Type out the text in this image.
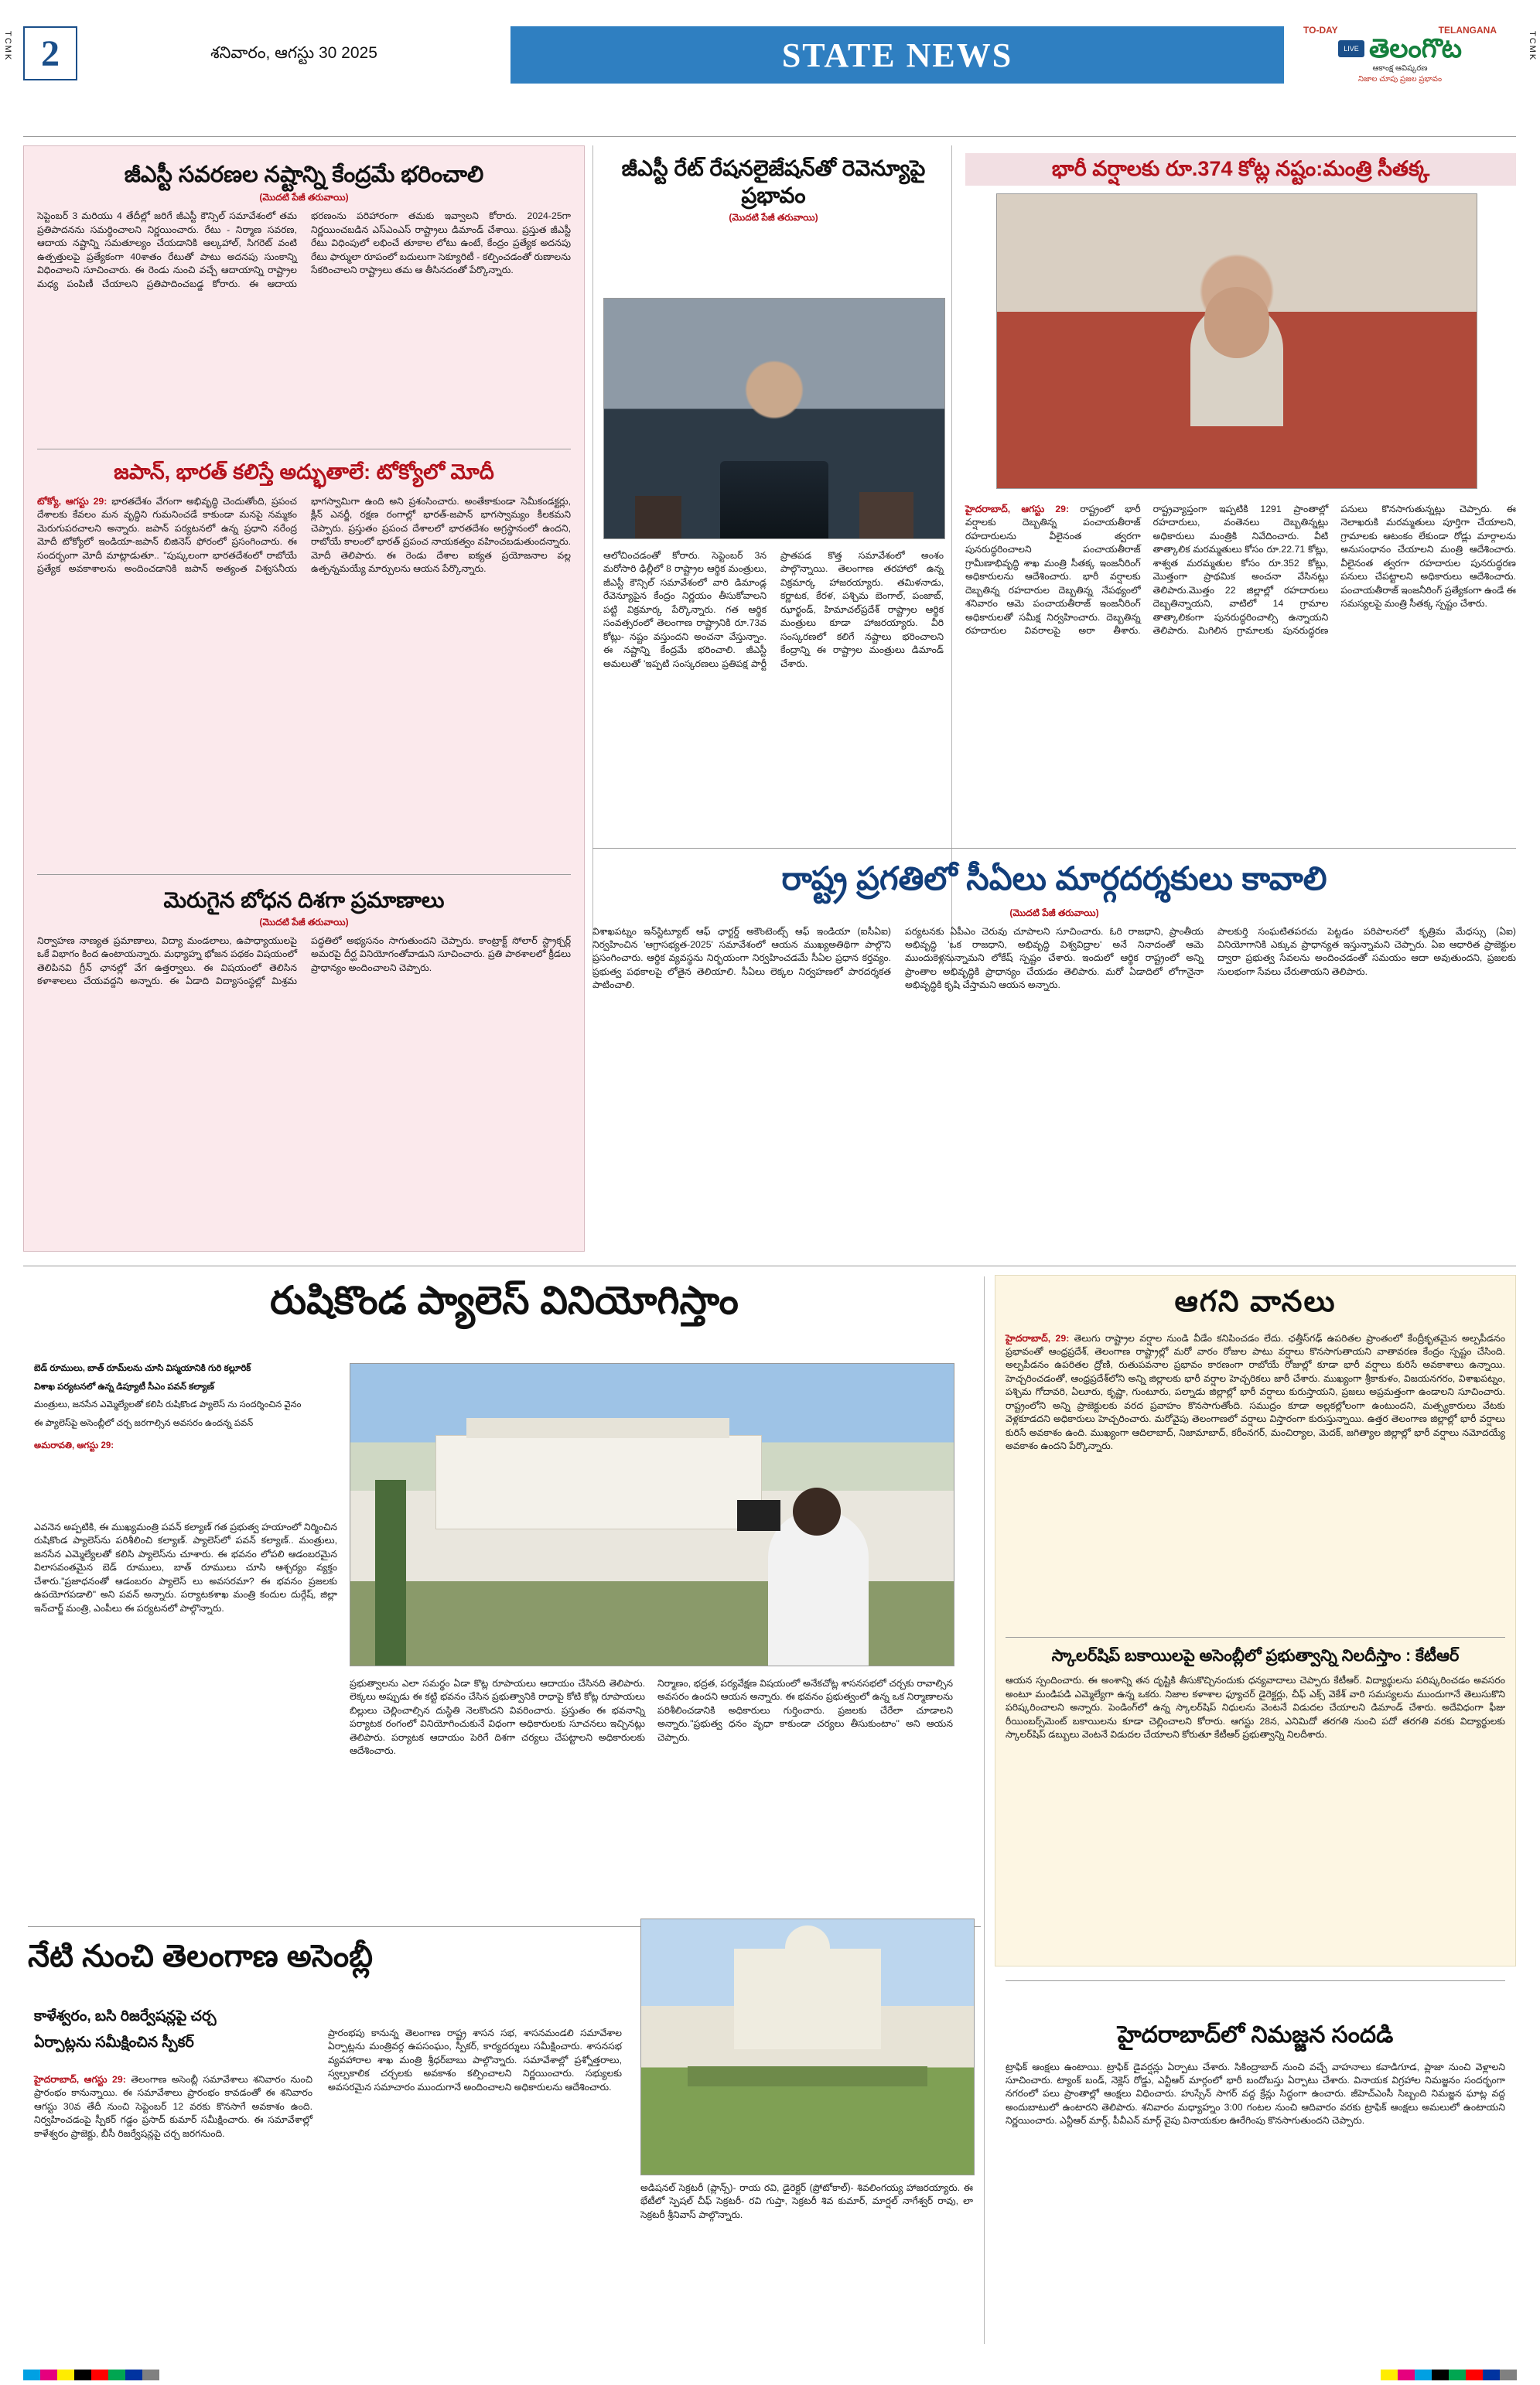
TCMK	TCMK
2	శనివారం, ఆగస్టు 30 2025	STATE NEWS
TO-DAY	TELANGANA
LIVE తెలంగొట
ఆకాంక్ష ఆవిష్కరణ
నిజాల చూపు ప్రజల ప్రభావం
జీఎస్టీ సవరణల నష్టాన్ని కేంద్రమే భరించాలి
(మొదటి పేజీ తరువాయి)
సెప్టెంబర్ 3 మరియు 4 తేదీల్లో జరిగే జీఎస్టీ కౌన్సిల్ సమావేశంలో తమ ప్రతిపాదనను సమర్థించాలని నిర్ణయించారు. రేటు - నిర్మాణ సవరణ, ఆదాయ నష్టాన్ని సమతూల్యం చేయడానికి ఆల్కహాల్, సిగరెట్ వంటి ఉత్పత్తులపై ప్రత్యేకంగా 40శాతం రేటుతో పాటు అదనపు సుంకాన్ని విధించాలని సూచించారు. ఈ రెండు నుంచి వచ్చే ఆదాయాన్ని రాష్ట్రాల మధ్య పంపిణీ చేయాలని ప్రతిపాదించబడ్డ కోరారు. ఈ ఆదాయ భరణంను పరిహారంగా తమకు ఇవ్వాలని కోరారు. 2024-25గా నిర్ణయించబడిన ఎస్ఎంఎస్ రాష్ట్రాలు డిమాండ్ చేశాయి. ప్రస్తుత జీఎస్టీ రేటు విధింపులో లభించే తూకాల లోటు ఉంటే, కేంద్రం ప్రత్యేక అదనపు రేటు ఫార్ములా రూపంలో బదులుగా సెక్యూరిటీ - కల్పించడంతో రుణాలను సేకరించాలని రాష్ట్రాలు తమ ఆ తీసినదంతో పేర్కొన్నారు.
జపాన్, భారత్ కలిస్తే అద్భుతాలే: టోక్యోలో మోదీ
టోక్యో, ఆగస్టు 29: భారతదేశం వేగంగా అభివృద్ధి చెందుతోంది, ప్రపంచ దేశాలకు కేవలం మన వృద్ధిని గుమనించడే కాకుండా మనపై నమ్మకం మెరుగుపరచాలని అన్నారు. జపాన్ పర్యటనలో ఉన్న ప్రధాని నరేంద్ర మోదీ టోక్యోలో ఇండియా-జపాన్ బిజినెస్ ఫోరంలో ప్రసంగించారు. ఈ సందర్భంగా మోదీ మాట్లాడుతూ.. "పుష్కలంగా భారతదేశంలో రాబోయే ప్రత్యేక అవకాశాలను అందించడానికి జపాన్ అత్యంత విశ్వసనీయ భాగస్వామిగా ఉంది అని ప్రశంసించారు. అంతేకాకుండా సెమీకండక్టర్లు, క్లీన్ ఎనర్జీ, రక్షణ రంగాల్లో భారత్-జపాన్ భాగస్వామ్యం కీలకమని చెప్పారు. ప్రస్తుతం ప్రపంచ దేశాలలో భారతదేశం అగ్రస్థానంలో ఉందని, రాబోయే కాలంలో భారత్ ప్రపంచ నాయకత్వం వహించబడుతుందన్నారు. మోదీ తెలిపారు. ఈ రెండు దేశాల ఐక్యత ప్రయోజనాల వల్ల ఉత్పన్నమయ్యే మార్పులను ఆయన పేర్కొన్నారు.
మెరుగైన బోధన దిశగా ప్రమాణాలు
(మొదటి పేజీ తరువాయి)
నిర్వాహణ నాణ్యత ప్రమాణాలు, విద్యా మండలాలు, ఉపాధ్యాయులపై ఒకే విభాగం కింద ఉంటాయన్నారు. మధ్యాహ్న భోజన పథకం విషయంలో తెలిపినవి గ్రీన్ ఛానల్లో వేగ ఉత్తర్వాలు. ఈ విషయంలో తెలిసిన కళాశాలలు చేయవద్దని అన్నారు. ఈ ఏడాది విద్యాసంస్థల్లో మిశ్రమ పద్ధతిలో అభ్యసనం సాగుతుందని చెప్పారు. కాంట్రాక్ట్ సోలార్ స్ట్రాక్చర్ల్ అమరపై దీర్ఘ వినియోగంతోవాడుని సూచించారు. ప్రతి పాఠశాలలో క్రీడలు ప్రాధాన్యం అందించాలని చెప్పారు.
జీఎస్టీ రేట్ రేషనలైజేషన్‌తో రెవెన్యూపై ప్రభావం
(మొదటి పేజీ తరువాయి)
ఆలోచించడంతో కోరారు. సెప్టెంబర్ 3న మరోసారి ఢిల్లీలో 8 రాష్ట్రాల ఆర్థిక మంత్రులు, జీఎస్టీ కౌన్సిల్ సమావేశంలో వారి డిమాండ్ల రేవెన్యూపైన కేంద్రం నిర్ణయం తీసుకోవాలని పట్టి విక్రమార్క పేర్కొన్నారు. గత ఆర్థిక సంవత్సరంలో తెలంగాణ రాష్ట్రానికి రూ.73వ కోట్లు- నష్టం వస్తుందని అంచనా వేస్తున్నాం. ఈ నష్టాన్ని కేంద్రమే భరించాలి. జీఎస్టీ అమలుతో 'ఇప్పటి సంస్కరణలు ప్రతిపక్ష పార్టీ ప్రాతపడ కొత్త సమావేశంలో అంశం పాల్గొన్నాయి. తెలంగాణ తరహాలో ఉన్న విక్రమార్క హాజరయ్యారు. తమిళనాడు, కర్ణాటక, కేరళ, పశ్చిమ బెంగాల్, పంజాబ్, ఝార్ఖండ్, హిమాచల్‌ప్రదేశ్ రాష్ట్రాల ఆర్థిక మంత్రులు కూడా హాజరయ్యారు. వీరి సంస్కరణలో కలిగే నష్టాలు భరించాలని కేంద్రాన్ని ఈ రాష్ట్రాల మంత్రులు డిమాండ్ చేశారు.
భారీ వర్షాలకు రూ.374 కోట్ల నష్టం:మంత్రి సీతక్క
హైదరాబాద్, ఆగస్టు 29: రాష్ట్రంలో భారీ వర్షాలకు దెబ్బతిన్న పంచాయతీరాజ్ రహదారులను వీలైనంత త్వరగా పునరుద్ధరించాలని పంచాయతీరాజ్ గ్రామీణాభివృద్ధి శాఖ మంత్రి సీతక్క ఇంజనీరింగ్ అధికారులను ఆదేశించారు. భారీ వర్షాలకు దెబ్బతిన్న రహదారుల దెబ్బతిన్న నేపథ్యంలో శనివారం ఆమె పంచాయతీరాజ్ ఇంజనీరింగ్ అధికారులతో సమీక్ష నిర్వహించారు. దెబ్బతిన్న రహదారుల వివరాలపై అరా తీశారు. రాష్ట్రవ్యాప్తంగా ఇప్పటికి 1291 ప్రాంతాల్లో రహదారులు, వంతెనలు దెబ్బతిన్నట్లు అధికారులు మంత్రికి నివేదించారు. వీటి తాత్కాలిక మరమ్మతులు కోసం రూ.22.71 కోట్లు, శాశ్వత మరమ్మతుల కోసం రూ.352 కోట్లు, మొత్తంగా ప్రాథమిక అంచనా వేసినట్లు తెలిపారు.మొత్తం 22 జిల్లాల్లో రహదారులు దెబ్బతిన్నాయని, వాటిలో 14 గ్రామాల తాత్కాలికంగా పునరుద్ధరించాల్సి ఉన్నాయని తెలిపారు. మిగిలిన గ్రామాలకు పునరుద్ధరణ పనులు కొనసాగుతున్నట్లు చెప్పారు. ఈ నెలాఖరుకి మరమ్మతులు పూర్తిగా చేయాలని, గ్రామాలకు ఆటంకం లేకుండా రోడ్లు మార్గాలను అనుసంధానం చేయాలని మంత్రి ఆదేశించారు. వీలైనంత త్వరగా రహదారుల పునరుద్ధరణ పనులు చేపట్టాలని అధికారులు ఆదేశించారు. పంచాయతీరాజ్ ఇంజనీరింగ్ ప్రత్యేకంగా ఉండే ఈ సమస్యలపై మంత్రి సీతక్క స్పష్టం చేశారు.
రాష్ట్ర ప్రగతిలో సీఏలు మార్గదర్శకులు కావాలి
(మొదటి పేజీ తరువాయి)
విశాఖపట్నం ఇన్‌స్టిట్యూట్ ఆఫ్ ఛార్టర్డ్ అకౌంటెంట్స్ ఆఫ్ ఇండియా (ఐసీఏఐ) నిర్వహించిన 'ఆగ్రాసభ్యత-2025' సమావేశంలో ఆయన ముఖ్యఅతిథిగా పాల్గొని ప్రసంగించారు. ఆర్థిక వ్యవస్థను నిర్భయంగా నిర్వహించడమే సీఏల ప్రధాన కర్తవ్యం. ప్రభుత్వ పథకాలపై లోతైన తెలియాలి. సీఏలు లెక్కల నిర్వహణలో పారదర్శకత పాటించాలి.
పర్యటనకు ఏపీఎం చెరువు చూపాలని సూచించారు. ఓరి రాజధాని, ప్రాంతీయ అభివృద్ధి 'ఒక రాజధాని, అభివృద్ధి విశ్వవిద్రాల' అనే నినాదంతో ఆమె ముందుకెళ్లనున్నామని లోకేష్ స్పష్టం చేశారు. ఇందులో ఆర్థిక రాష్ట్రంలో అన్ని ప్రాంతాల అభివృద్ధికి ప్రాధాన్యం చేయడం తెలిపారు. మరో ఏడాదిలో లోగానైనా అభివృద్ధికి కృషి చేస్తామని ఆయన అన్నారు.
పాలకుర్తి సంఘటితపరచు పెట్టడం పరిపాలనలో కృత్రిమ మేధస్సు (ఏఐ) వినియోగానికి ఎక్కువ ప్రాధాన్యత ఇస్తున్నామని చెప్పారు. ఏఐ ఆధారిత ప్రాజెక్టుల ద్వారా ప్రభుత్వ సేవలను అందించడంతో సమయం ఆదా అవుతుందని, ప్రజలకు సులభంగా సేవలు చేరుతాయని తెలిపారు.
రుషికొండ ప్యాలెస్ వినియోగిస్తాం
బెడ్ రూములు, బాత్ రూమ్‌లను చూసి విస్మయానికి గురి కల్లూరిక్
విశాఖ పర్యటనలో ఉన్న డిప్యూటీ సీఎం పవన్ కల్యాణ్
మంత్రులు, జనసేన ఎమ్మెల్యేలతో కలిసి రుషికొండ ప్యాలెస్ ను సందర్శించిన వైనం
ఈ ప్యాలెస్‌పై అసెంబ్లీలో చర్చ జరగాల్సిన అవసరం ఉందన్న పవన్
అమరావతి, ఆగస్టు 29:
ఎవనెన అప్పటికి, ఈ ముఖ్యమంత్రి పవన్ కల్యాణ్ గత ప్రభుత్వ హయాంలో నిర్మించిన రుషికొండ ప్యాలెస్‌ను పరిశీలించి కల్యాణ్. ప్యాలెస్‌లో పవన్ కల్యాణ్.. మంత్రులు, జనసేన ఎమ్మెల్యేలతో కలిసి ప్యాలెస్‌ను చూశారు. ఈ భవనం లోపలి ఆడంబరమైన విలాసవంతమైన బెడ్ రూములు, బాత్ రూములు చూసి ఆశ్చర్యం వ్యక్తం చేశారు."ప్రజాధనంతో ఆడంబరం ప్యాలెస్ లు అవసరమా? ఈ భవనం ప్రజలకు ఉపయోగపడాలి" అని పవన్ అన్నారు. పర్యాటకశాఖ మంత్రి కందుల దుర్గేష్, జిల్లా ఇన్‌చార్జ్ మంత్రి, ఎంపీలు ఈ పర్యటనలో పాల్గొన్నారు.
ప్రభుత్వాలను ఎలా సమర్థం ఏడా కొట్ల రూపాయలు ఆదాయం చేసినది తెలిపారు. లెక్కలు అప్పుడు ఈ కట్టి భవనం చేసిన ప్రభుత్వానికి రాధాపై కోటి కోట్ల రూపాయలు బిల్లులు చెల్లించాల్సిన దుస్థితి నెలకొందని వివరించారు. ప్రస్తుతం ఈ భవనాన్ని పర్యాటక రంగంలో వినియోగించుకునే విధంగా అధికారులకు సూచనలు ఇచ్చినట్లు తెలిపారు. పర్యాటక ఆదాయం పెరిగే దిశగా చర్యలు చేపట్టాలని అధికారులకు ఆదేశించారు.
నిర్మాణం, భద్రత, పర్యవేక్షణ విషయంలో అనేకచోట్ల శాసనసభలో చర్చకు రావాల్సిన అవసరం ఉందని ఆయన అన్నారు. ఈ భవనం ప్రభుత్వంలో ఉన్న ఒక నిర్మాణాలను పరిశీలించడానికి అధికారులు గుర్తించారు. ప్రజలకు చేరేలా చూడాలని అన్నారు."ప్రభుత్వ ధనం వృధా కాకుండా చర్యలు తీసుకుంటాం" అని ఆయన చెప్పారు.
నేటి నుంచి తెలంగాణ అసెంబ్లీ
కాళేశ్వరం, బసి రిజర్వేషన్లపై చర్చ
ఏర్పాట్లను సమీక్షించిన స్పీకర్
హైదరాబాద్, ఆగస్టు 29: తెలంగాణ అసెంబ్లీ సమావేశాలు శనివారం నుంచి ప్రారంభం కానున్నాయి. ఈ సమావేశాలు ప్రారంభం కావడంతో ఈ శనివారం ఆగస్టు 30వ తేదీ నుంచి సెప్టెంబర్ 12 వరకు కొనసాగే అవకాశం ఉంది. నిర్వహించడంపై స్పీకర్ గడ్డం ప్రసాద్ కుమార్ సమీక్షించారు. ఈ సమావేశాల్లో కాళేశ్వరం ప్రాజెక్టు, బీసీ రిజర్వేషన్లపై చర్చ జరగనుంది.
ప్రారంభపు కానున్న తెలంగాణ రాష్ట్ర శాసన సభ, శాసనమండలి సమావేశాల ఏర్పాట్లను మంత్రివర్గ ఉపసంఘం, స్పీకర్, కార్యదర్శులు సమీక్షించారు. శాసనసభ వ్యవహారాల శాఖ మంత్రి శ్రీధర్‌బాబు పాల్గొన్నారు. సమావేశాల్లో ప్రశ్నోత్తరాలు, స్వల్పకాలిక చర్చలకు అవకాశం కల్పించాలని నిర్ణయించారు. సభ్యులకు అవసరమైన సమాచారం ముందుగానే అందించాలని అధికారులను ఆదేశించారు.
అడిషనల్ సెక్రటరీ (ప్లాన్స్)- రాయ రవి, డైరెక్టర్ (ప్రోటోకాల్)- శివలింగయ్య హాజరయ్యారు. ఈ భేటీలో స్పెషల్ చీఫ్ సెక్రటరీ- రవి గుప్తా, సెక్రటరీ శివ కుమార్, మార్షల్ నాగేశ్వర్ రావు, లా సెక్రటరీ శ్రీనివాస్ పాల్గొన్నారు.
ఆగని వానలు
హైదరాబాద్, 29: తెలుగు రాష్ట్రాల వర్షాల నుండి వీడేం కనిపించడం లేదు. ఛత్తీస్‌గఢ్ ఉపరితల ప్రాంతంలో కేంద్రీకృతమైన అల్పపీడనం ప్రభావంతో ఆంధ్రప్రదేశ్, తెలంగాణ రాష్ట్రాల్లో మరో వారం రోజుల పాటు వర్షాలు కొనసాగుతాయని వాతావరణ కేంద్రం స్పష్టం చేసింది. అల్పపీడనం ఉపరితల ద్రోణి, రుతుపవనాల ప్రభావం కారణంగా రాబోయే రోజుల్లో కూడా భారీ వర్షాలు కురిసే అవకాశాలు ఉన్నాయి. హెచ్చరించడంతో, ఆంధ్రప్రదేశ్‌లోని అన్ని జిల్లాలకు భారీ వర్షాల హెచ్చరికలు జారీ చేశారు. ముఖ్యంగా శ్రీకాకుళం, విజయనగరం, విశాఖపట్నం, పశ్చిమ గోదావరి, ఏలూరు, కృష్ణా, గుంటూరు, పల్నాడు జిల్లాల్లో భారీ వర్షాలు కురుస్తాయని, ప్రజలు అప్రమత్తంగా ఉండాలని సూచించారు. రాష్ట్రంలోని అన్ని ప్రాజెక్టులకు వరద ప్రవాహం కొనసాగుతోంది. సముద్రం కూడా అల్లకల్లోలంగా ఉంటుందని, మత్స్యకారులు వేటకు వెళ్లకూడదని అధికారులు హెచ్చరించారు. మరోవైపు తెలంగాణలో వర్షాలు విస్తారంగా కురుస్తున్నాయి. ఉత్తర తెలంగాణ జిల్లాల్లో భారీ వర్షాలు కురిసే అవకాశం ఉంది. ముఖ్యంగా ఆదిలాబాద్, నిజామాబాద్, కరీంనగర్, మంచిర్యాల, మెదక్, జగిత్యాల జిల్లాల్లో భారీ వర్షాలు నమోదయ్యే అవకాశం ఉందని పేర్కొన్నారు.
స్కాలర్‌షిప్ బకాయిలపై అసెంబ్లీలో ప్రభుత్వాన్ని నిలదీస్తాం : కేటీఆర్
ఆయన స్పందించారు. ఈ అంశాన్ని తన దృష్టికి తీసుకొచ్చినందుకు ధన్యవాదాలు చెప్పారు కేటీఆర్. విద్యార్థులను పరిష్కరించడం అవసరం అంటూ మండిపడి ఎమ్మెల్యేగా ఉన్న ఒకరు. నిజాల కళాశాల ఫ్యూచర్ డైరెక్టర్లు, చీఫ్ ఎక్స్ వెకేశ్ వారి సమస్యలను ముందుగానే తెలుసుకొని పరిష్కరించాలని అన్నారు. పెండింగ్‌లో ఉన్న స్కాలర్‌షిప్ నిధులను వెంటనే విడుదల చేయాలని డిమాండ్ చేశారు. అదేవిధంగా ఫీజు రీయింబర్స్‌మెంట్ బకాయిలను కూడా చెల్లించాలని కోరారు. ఆగస్టు 28న, ఎనిమిదో తరగతి నుంచి పదో తరగతి వరకు విద్యార్థులకు స్కాలర్‌షిప్ డబ్బులు వెంటనే విడుదల చేయాలని కోరుతూ కేటీఆర్ ప్రభుత్వాన్ని నిలదీశారు.
హైదరాబాద్‌లో నిమజ్జన సందడి
ట్రాఫిక్ ఆంక్షలు ఉంటాయి. ట్రాఫిక్ డైవర్షన్లు ఏర్పాటు చేశారు. సికింద్రాబాద్ నుంచి వచ్చే వాహనాలు కవాడిగూడ, ప్లాజా నుంచి వెళ్లాలని సూచించారు. ట్యాంక్ బండ్, నెక్లెస్ రోడ్డు, ఎన్టీఆర్ మార్గంలో భారీ బందోబస్తు ఏర్పాటు చేశారు. వినాయక విగ్రహాల నిమజ్జనం సందర్భంగా నగరంలో పలు ప్రాంతాల్లో ఆంక్షలు విధించారు. హుస్సేన్ సాగర్ వద్ద క్రేన్లు సిద్ధంగా ఉంచారు. జీహెచ్ఎంసీ సిబ్బంది నిమజ్జన ఘాట్ల వద్ద అందుబాటులో ఉంటారని తెలిపారు. శనివారం మధ్యాహ్నం 3:00 గంటల నుంచి ఆదివారం వరకు ట్రాఫిక్ ఆంక్షలు అమలులో ఉంటాయని నిర్ణయించారు. ఎన్టీఆర్ మార్గ్, పీవీఎన్ మార్గ్ వైపు వినాయకుల ఊరేగింపు కొనసాగుతుందని చెప్పారు.
